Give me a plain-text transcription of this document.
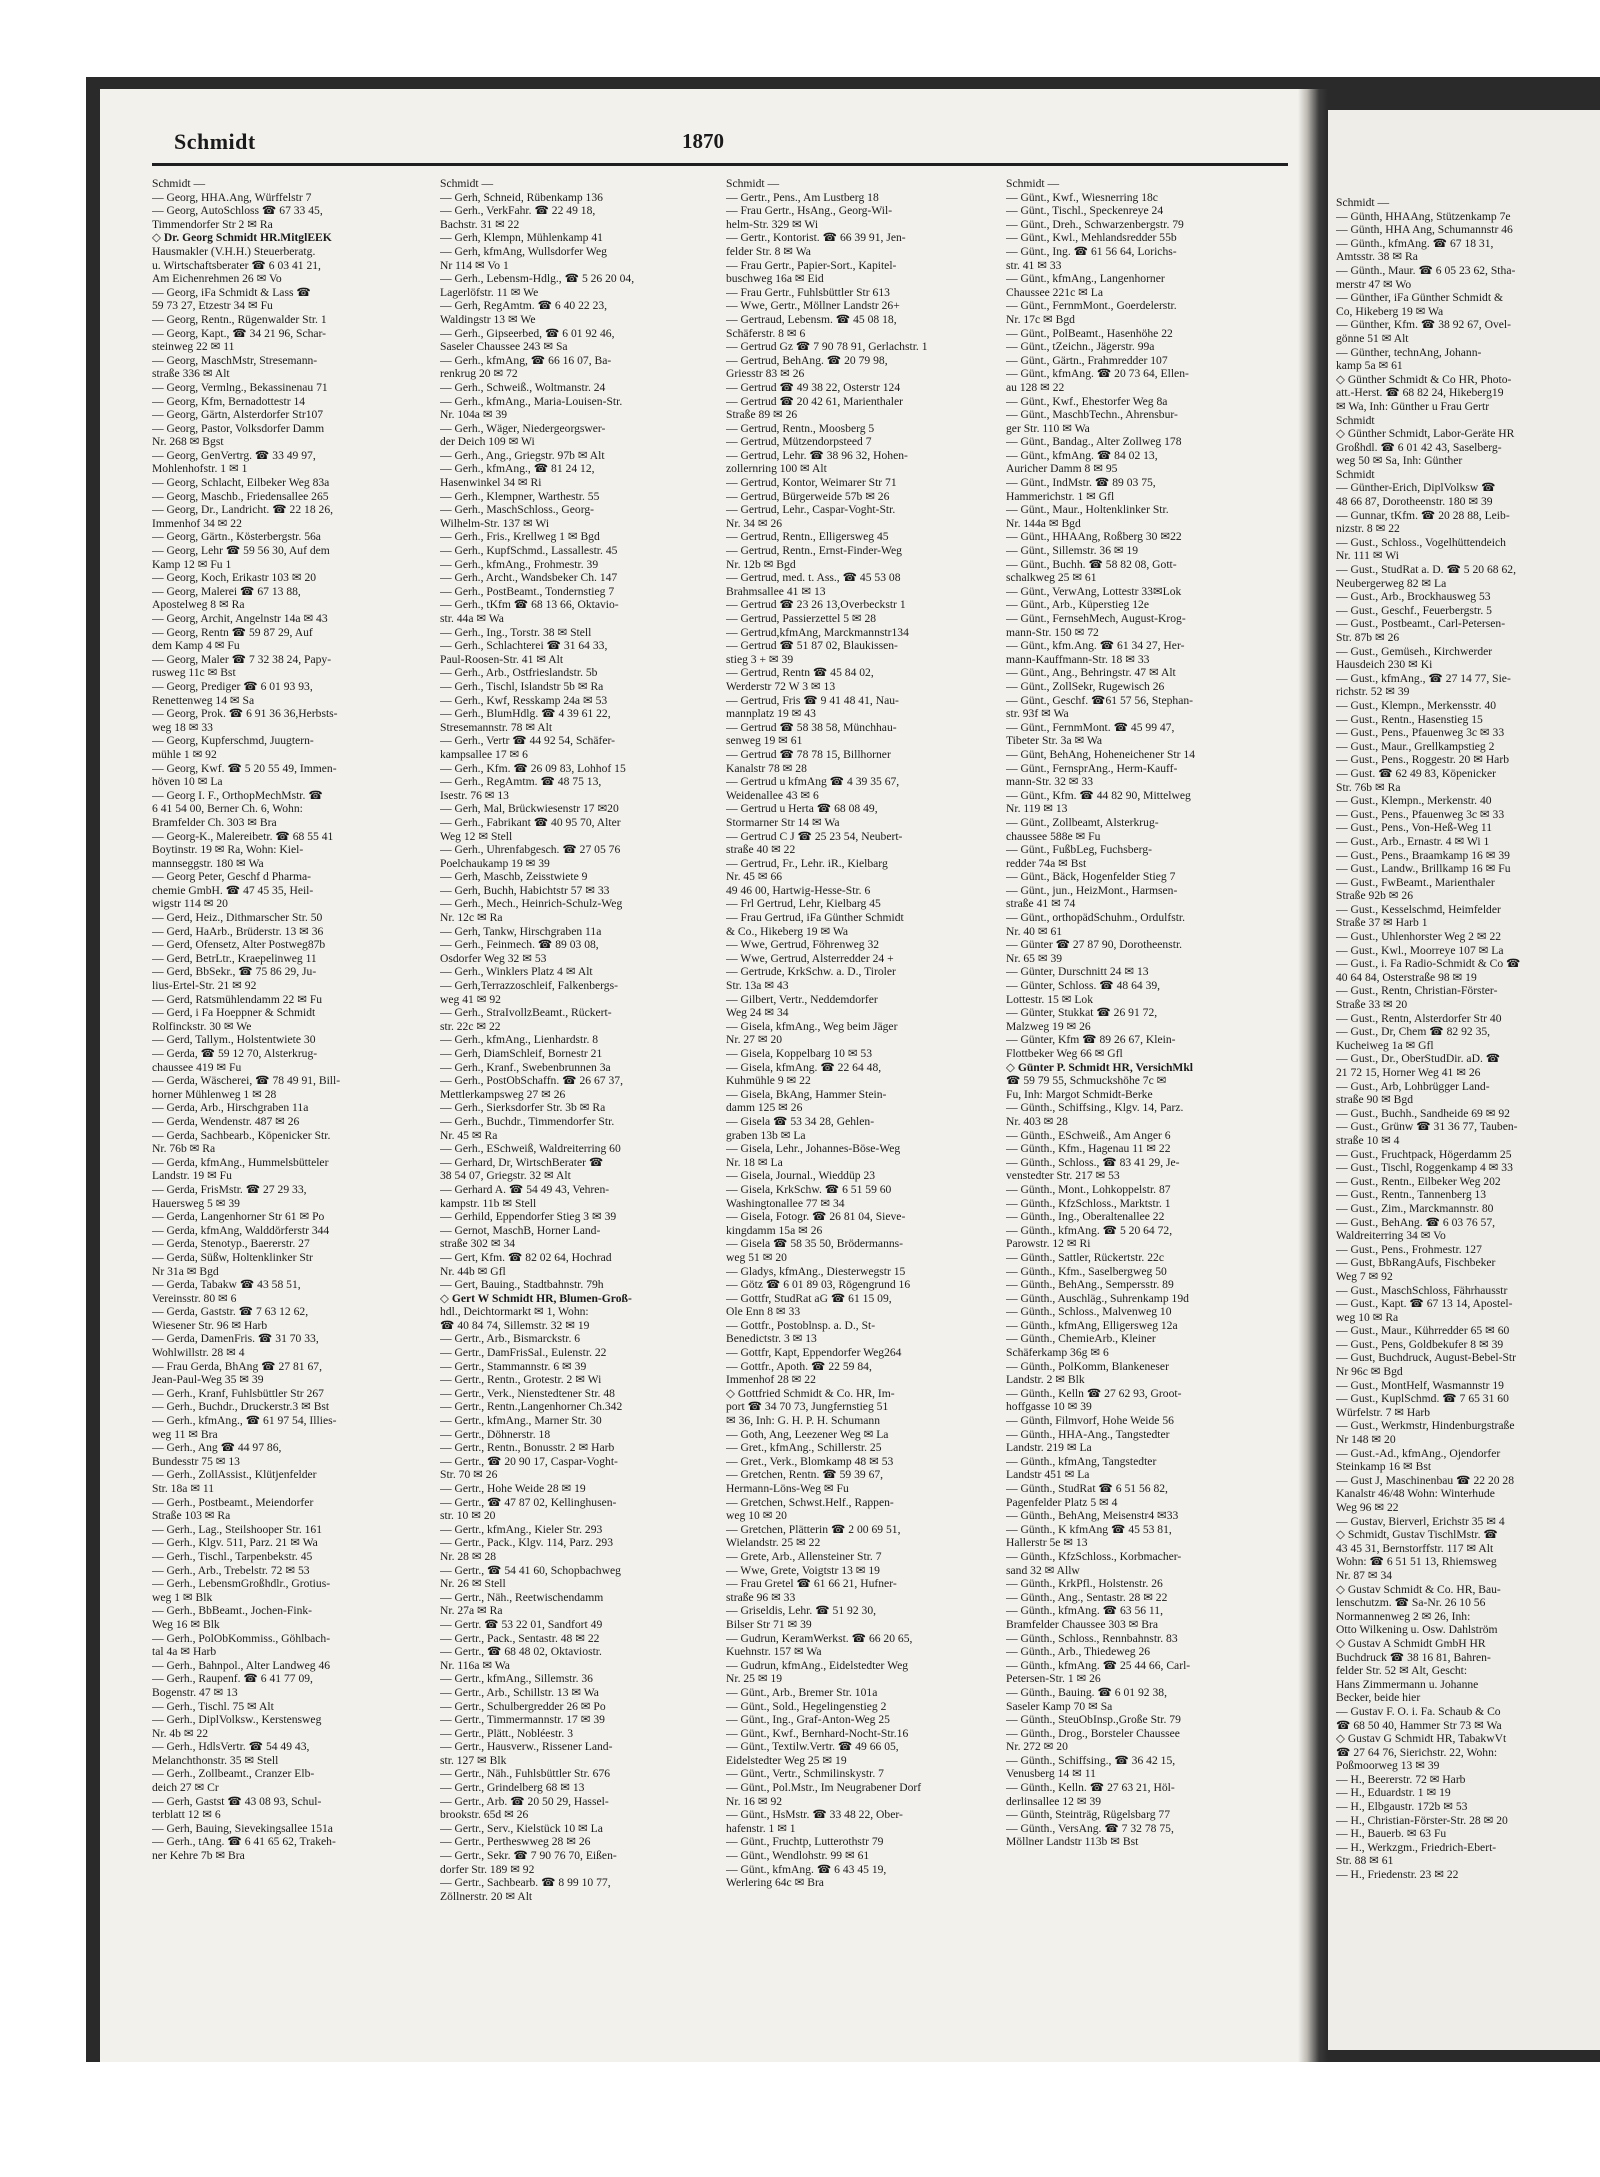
Schmidt	1870

Schmidt —

— Georg, HHA.Ang, Würffelstr 7

— Georg, AutoSchloss ☎ 67 33 45,

Timmendorfer Str 2 ✉ Ra

◇ Dr. Georg Schmidt HR.MitglEEK

Hausmakler (V.H.H.) Steuerberatg.

u. Wirtschaftsberater ☎ 6 03 41 21,

Am Eichenrehmen 26 ✉ Vo

— Georg, iFa Schmidt & Lass ☎

59 73 27, Etzestr 34 ✉ Fu

— Georg, Rentn., Rügenwalder Str. 1

— Georg, Kapt., ☎ 34 21 96, Schar-

steinweg 22 ✉ 11

— Georg, MaschMstr, Stresemann-

straße 336 ✉ Alt

— Georg, Vermlng., Bekassinenau 71

— Georg, Kfm, Bernadottestr 14

— Georg, Gärtn, Alsterdorfer Str107

— Georg, Pastor, Volksdorfer Damm

Nr. 268 ✉ Bgst

— Georg, GenVertrg. ☎ 33 49 97,

Mohlenhofstr. 1 ✉ 1

— Georg, Schlacht, Eilbeker Weg 83a

— Georg, Maschb., Friedensallee 265

— Georg, Dr., Landricht. ☎ 22 18 26,

Immenhof 34 ✉ 22

— Georg, Gärtn., Kösterbergstr. 56a

— Georg, Lehr ☎ 59 56 30, Auf dem

Kamp 12 ✉ Fu 1

— Georg, Koch, Erikastr 103 ✉ 20

— Georg, Malerei ☎ 67 13 88,

Apostelweg 8 ✉ Ra

— Georg, Archit, Angelnstr 14a ✉ 43

— Georg, Rentn ☎ 59 87 29, Auf

dem Kamp 4 ✉ Fu

— Georg, Maler ☎ 7 32 38 24, Papy-

rusweg 11c ✉ Bst

— Georg, Prediger ☎ 6 01 93 93,

Renettenweg 14 ✉ Sa

— Georg, Prok. ☎ 6 91 36 36,Herbsts-

weg 18 ✉ 33

— Georg, Kupferschmd, Juugtern-

mühle 1 ✉ 92

— Georg, Kwf. ☎ 5 20 55 49, Immen-

höven 10 ✉ La

— Georg I. F., OrthopMechMstr. ☎

6 41 54 00, Berner Ch. 6, Wohn:

Bramfelder Ch. 303 ✉ Bra

— Georg-K., Malereibetr. ☎ 68 55 41

Boytinstr. 19 ✉ Ra, Wohn: Kiel-

mannseggstr. 180 ✉ Wa

— Georg Peter, Geschf d Pharma-

chemie GmbH. ☎ 47 45 35, Heil-

wigstr 114 ✉ 20

— Gerd, Heiz., Dithmarscher Str. 50

— Gerd, HaArb., Brüderstr. 13 ✉ 36

— Gerd, Ofensetz, Alter Postweg87b

— Gerd, BetrLtr., Kraepelinweg 11

— Gerd, BbSekr., ☎ 75 86 29, Ju-

lius-Ertel-Str. 21 ✉ 92

— Gerd, Ratsmühlendamm 22 ✉ Fu

— Gerd, i Fa Hoeppner & Schmidt

Rolfinckstr. 30 ✉ We

— Gerd, Tallym., Holstentwiete 30

— Gerda, ☎ 59 12 70, Alsterkrug-

chaussee 419 ✉ Fu

— Gerda, Wäscherei, ☎ 78 49 91, Bill-

horner Mühlenweg 1 ✉ 28

— Gerda, Arb., Hirschgraben 11a

— Gerda, Wendenstr. 487 ✉ 26

— Gerda, Sachbearb., Köpenicker Str.

Nr. 76b ✉ Ra

— Gerda, kfmAng., Hummelsbütteler

Landstr. 19 ✉ Fu

— Gerda, FrisMstr. ☎ 27 29 33,

Hauersweg 5 ✉ 39

— Gerda, Langenhorner Str 61 ✉ Po

— Gerda, kfmAng, Walddörferstr 344

— Gerda, Stenotyp., Baererstr. 27

— Gerda, Süßw, Holtenklinker Str

Nr 31a ✉ Bgd

— Gerda, Tabakw ☎ 43 58 51,

Vereinsstr. 80 ✉ 6

— Gerda, Gaststr. ☎ 7 63 12 62,

Wiesener Str. 96 ✉ Harb

— Gerda, DamenFris. ☎ 31 70 33,

Wohlwillstr. 28 ✉ 4

— Frau Gerda, BhAng ☎ 27 81 67,

Jean-Paul-Weg 35 ✉ 39

— Gerh., Kranf, Fuhlsbüttler Str 267

— Gerh., Buchdr., Druckerstr.3 ✉ Bst

— Gerh., kfmAng., ☎ 61 97 54, Illies-

weg 11 ✉ Bra

— Gerh., Ang ☎ 44 97 86,

Bundesstr 75 ✉ 13

— Gerh., ZollAssist., Klütjenfelder

Str. 18a ✉ 11

— Gerh., Postbeamt., Meiendorfer

Straße 103 ✉ Ra

— Gerh., Lag., Steilshooper Str. 161

— Gerh., Klgv. 511, Parz. 21 ✉ Wa

— Gerh., Tischl., Tarpenbekstr. 45

— Gerh., Arb., Trebelstr. 72 ✉ 53

— Gerh., LebensmGroßhdlr., Grotius-

weg 1 ✉ Blk

— Gerh., BbBeamt., Jochen-Fink-

Weg 16 ✉ Blk

— Gerh., PolObKommiss., Göhlbach-

tal 4a ✉ Harb

— Gerh., Bahnpol., Alter Landweg 46

— Gerh., Raupenf. ☎ 6 41 77 09,

Bogenstr. 47 ✉ 13

— Gerh., Tischl. 75 ✉ Alt

— Gerh., DiplVolksw., Kerstensweg

Nr. 4b ✉ 22

— Gerh., HdlsVertr. ☎ 54 49 43,

Melanchthonstr. 35 ✉ Stell

— Gerh., Zollbeamt., Cranzer Elb-

deich 27 ✉ Cr

— Gerh, Gastst ☎ 43 08 93, Schul-

terblatt 12 ✉ 6

— Gerh, Bauing, Sievekingsallee 151a

— Gerh., tAng. ☎ 6 41 65 62, Trakeh-

ner Kehre 7b ✉ Bra

Schmidt —

— Gerh, Schneid, Rübenkamp 136

— Gerh., VerkFahr. ☎ 22 49 18,

Bachstr. 31 ✉ 22

— Gerh, Klempn, Mühlenkamp 41

— Gerh, kfmAng, Wullsdorfer Weg

Nr 114 ✉ Vo 1

— Gerh., Lebensm-Hdlg., ☎ 5 26 20 04,

Lagerlöfstr. 11 ✉ We

— Gerh, RegAmtm. ☎ 6 40 22 23,

Waldingstr 13 ✉ We

— Gerh., Gipseerbed, ☎ 6 01 92 46,

Saseler Chaussee 243 ✉ Sa

— Gerh., kfmAng, ☎ 66 16 07, Ba-

renkrug 20 ✉ 72

— Gerh., Schweiß., Woltmanstr. 24

— Gerh., kfmAng., Maria-Louisen-Str.

Nr. 104a ✉ 39

— Gerh., Wäger, Niedergeorgswer-

der Deich 109 ✉ Wi

— Gerh., Ang., Griegstr. 97b ✉ Alt

— Gerh., kfmAng., ☎ 81 24 12,

Hasenwinkel 34 ✉ Ri

— Gerh., Klempner, Warthestr. 55

— Gerh., MaschSchloss., Georg-

Wilhelm-Str. 137 ✉ Wi

— Gerh., Fris., Krellweg 1 ✉ Bgd

— Gerh., KupfSchmd., Lassallestr. 45

— Gerh., kfmAng., Frohmestr. 39

— Gerh., Archt., Wandsbeker Ch. 147

— Gerh., PostBeamt., Tondernstieg 7

— Gerh., tKfm ☎ 68 13 66, Oktavio-

str. 44a ✉ Wa

— Gerh., Ing., Torstr. 38 ✉ Stell

— Gerh., Schlachterei ☎ 31 64 33,

Paul-Roosen-Str. 41 ✉ Alt

— Gerh., Arb., Ostfrieslandstr. 5b

— Gerh., Tischl, Islandstr 5b ✉ Ra

— Gerh., Kwf, Resskamp 24a ✉ 53

— Gerh., BlumHdlg. ☎ 4 39 61 22,

Stresemannstr. 78 ✉ Alt

— Gerh., Vertr ☎ 44 92 54, Schäfer-

kampsallee 17 ✉ 6

— Gerh., Kfm. ☎ 26 09 83, Lohhof 15

— Gerh., RegAmtm. ☎ 48 75 13,

Isestr. 76 ✉ 13

— Gerh, Mal, Brückwiesenstr 17 ✉20

— Gerh., Fabrikant ☎ 40 95 70, Alter

Weg 12 ✉ Stell

— Gerh., Uhrenfabgesch. ☎ 27 05 76

Poelchaukamp 19 ✉ 39

— Gerh, Maschb, Zeisstwiete 9

— Gerh, Buchh, Habichtstr 57 ✉ 33

— Gerh., Mech., Heinrich-Schulz-Weg

Nr. 12c ✉ Ra

— Gerh, Tankw, Hirschgraben 11a

— Gerh., Feinmech. ☎ 89 03 08,

Osdorfer Weg 32 ✉ 53

— Gerh., Winklers Platz 4 ✉ Alt

— Gerh,Terrazzoschleif, Falkenbergs-

weg 41 ✉ 92

— Gerh., StraIvollzBeamt., Rückert-

str. 22c ✉ 22

— Gerh., kfmAng., Lienhardstr. 8

— Gerh, DiamSchleif, Bornestr 21

— Gerh., Kranf., Swebenbrunnen 3a

— Gerh., PostObSchaffn. ☎ 26 67 37,

Mettlerkampsweg 27 ✉ 26

— Gerh., Sierksdorfer Str. 3b ✉ Ra

— Gerh., Buchdr., Timmendorfer Str.

Nr. 45 ✉ Ra

— Gerh., ESchweiß, Waldreiterring 60

— Gerhard, Dr, WirtschBerater ☎

38 54 07, Griegstr. 32 ✉ Alt

— Gerhard A. ☎ 54 49 43, Vehren-

kampstr. 11b ✉ Stell

— Gerhild, Eppendorfer Stieg 3 ✉ 39

— Gernot, MaschB, Horner Land-

straße 302 ✉ 34

— Gert, Kfm. ☎ 82 02 64, Hochrad

Nr. 44b ✉ Gfl

— Gert, Bauing., Stadtbahnstr. 79h

◇ Gert W Schmidt HR, Blumen-Groß-

hdl., Deichtormarkt ✉ 1, Wohn:

☎ 40 84 74, Sillemstr. 32 ✉ 19

— Gertr., Arb., Bismarckstr. 6

— Gertr., DamFrisSal., Eulenstr. 22

— Gertr., Stammannstr. 6 ✉ 39

— Gertr., Rentn., Grotestr. 2 ✉ Wi

— Gertr., Verk., Nienstedtener Str. 48

— Gertr., Rentn.,Langenhorner Ch.342

— Gertr., kfmAng., Marner Str. 30

— Gertr., Döhnerstr. 18

— Gertr., Rentn., Bonusstr. 2 ✉ Harb

— Gertr., ☎ 20 90 17, Caspar-Voght-

Str. 70 ✉ 26

— Gertr., Hohe Weide 28 ✉ 19

— Gertr., ☎ 47 87 02, Kellinghusen-

str. 10 ✉ 20

— Gertr., kfmAng., Kieler Str. 293

— Gertr., Pack., Klgv. 114, Parz. 293

Nr. 28 ✉ 28

— Gertr., ☎ 54 41 60, Schopbachweg

Nr. 26 ✉ Stell

— Gertr., Näh., Reetwischendamm

Nr. 27a ✉ Ra

— Gertr. ☎ 53 22 01, Sandfort 49

— Gertr., Pack., Sentastr. 48 ✉ 22

— Gertr., ☎ 68 48 02, Oktaviostr.

Nr. 116a ✉ Wa

— Gertr., kfmAng., Sillemstr. 36

— Gertr., Arb., Schillstr. 13 ✉ Wa

— Gertr., Schulbergredder 26 ✉ Po

— Gertr., Timmermannstr. 17 ✉ 39

— Gertr., Plätt., Nobléestr. 3

— Gertr., Hausverw., Rissener Land-

str. 127 ✉ Blk

— Gertr., Näh., Fuhlsbüttler Str. 676

— Gertr., Grindelberg 68 ✉ 13

— Gertr., Arb. ☎ 20 50 29, Hassel-

brookstr. 65d ✉ 26

— Gertr., Serv., Kielstück 10 ✉ La

— Gertr., Pertheswweg 28 ✉ 26

— Gertr., Sekr. ☎ 7 90 76 70, Eißen-

dorfer Str. 189 ✉ 92

— Gertr., Sachbearb. ☎ 8 99 10 77,

Zöllnerstr. 20 ✉ Alt

Schmidt —

— Gertr., Pens., Am Lustberg 18

— Frau Gertr., HsAng., Georg-Wil-

helm-Str. 329 ✉ Wi

— Gertr., Kontorist. ☎ 66 39 91, Jen-

felder Str. 8 ✉ Wa

— Frau Gertr., Papier-Sort., Kapitel-

buschweg 16a ✉ Eid

— Frau Gertr., Fuhlsbüttler Str 613

— Wwe, Gertr., Möllner Landstr 26+

— Gertraud, Lebensm. ☎ 45 08 18,

Schäferstr. 8 ✉ 6

— Gertrud Gz ☎ 7 90 78 91, Gerlachstr. 1

— Gertrud, BehAng. ☎ 20 79 98,

Griesstr 83 ✉ 26

— Gertrud ☎ 49 38 22, Osterstr 124

— Gertrud ☎ 20 42 61, Marienthaler

Straße 89 ✉ 26

— Gertrud, Rentn., Moosberg 5

— Gertrud, Mützendorpsteed 7

— Gertrud, Lehr. ☎ 38 96 32, Hohen-

zollernring 100 ✉ Alt

— Gertrud, Kontor, Weimarer Str 71

— Gertrud, Bürgerweide 57b ✉ 26

— Gertrud, Lehr., Caspar-Voght-Str.

Nr. 34 ✉ 26

— Gertrud, Rentn., Elligersweg 45

— Gertrud, Rentn., Ernst-Finder-Weg

Nr. 12b ✉ Bgd

— Gertrud, med. t. Ass., ☎ 45 53 08

Brahmsallee 41 ✉ 13

— Gertrud ☎ 23 26 13,Overbeckstr 1

— Gertrud, Passierzettel 5 ✉ 28

— Gertrud,kfmAng, Marckmannstr134

— Gertrud ☎ 51 87 02, Blaukissen-

stieg 3 + ✉ 39

— Gertrud, Rentn ☎ 45 84 02,

Werderstr 72 W 3 ✉ 13

— Gertrud, Fris ☎ 9 41 48 41, Nau-

mannplatz 19 ✉ 43

— Gertrud ☎ 58 38 58, Münchhau-

senweg 19 ✉ 61

— Gertrud ☎ 78 78 15, Billhorner

Kanalstr 78 ✉ 28

— Gertrud u kfmAng ☎ 4 39 35 67,

Weidenallee 43 ✉ 6

— Gertrud u Herta ☎ 68 08 49,

Stormarner Str 14 ✉ Wa

— Gertrud C J ☎ 25 23 54, Neubert-

straße 40 ✉ 22

— Gertrud, Fr., Lehr. iR., Kielbarg

Nr. 45 ✉ 66

49 46 00, Hartwig-Hesse-Str. 6

— Frl Gertrud, Lehr, Kielbarg 45

— Frau Gertrud, iFa Günther Schmidt

& Co., Hikeberg 19 ✉ Wa

— Wwe, Gertrud, Föhrenweg 32

— Wwe, Gertrud, Alsterredder 24 +

— Gertrude, KrkSchw. a. D., Tiroler

Str. 13a ✉ 43

— Gilbert, Vertr., Neddemdorfer

Weg 24 ✉ 34

— Gisela, kfmAng., Weg beim Jäger

Nr. 27 ✉ 20

— Gisela, Koppelbarg 10 ✉ 53

— Gisela, kfmAng. ☎ 22 64 48,

Kuhmühle 9 ✉ 22

— Gisela, BkAng, Hammer Stein-

damm 125 ✉ 26

— Gisela ☎ 53 34 28, Gehlen-

graben 13b ✉ La

— Gisela, Lehr., Johannes-Böse-Weg

Nr. 18 ✉ La

— Gisela, Journal., Wieddüp 23

— Gisela, KrkSchw. ☎ 6 51 59 60

Washingtonallee 77 ✉ 34

— Gisela, Fotogr. ☎ 26 81 04, Sieve-

kingdamm 15a ✉ 26

— Gisela ☎ 58 35 50, Brödermanns-

weg 51 ✉ 20

— Gladys, kfmAng., Diesterwegstr 15

— Götz ☎ 6 01 89 03, Rögengrund 16

— Gottfr, StudRat aG ☎ 61 15 09,

Ole Enn 8 ✉ 33

— Gottfr., Postoblnsp. a. D., St-

Benedictstr. 3 ✉ 13

— Gottfr, Kapt, Eppendorfer Weg264

— Gottfr., Apoth. ☎ 22 59 84,

Immenhof 28 ✉ 22

◇ Gottfried Schmidt & Co. HR, Im-

port ☎ 34 70 73, Jungfernstieg 51

✉ 36, Inh: G. H. P. H. Schumann

— Goth, Ang, Leezener Weg ✉ La

— Gret., kfmAng., Schillerstr. 25

— Gret., Verk., Blomkamp 48 ✉ 53

— Gretchen, Rentn. ☎ 59 39 67,

Hermann-Löns-Weg ✉ Fu

— Gretchen, Schwst.Helf., Rappen-

weg 10 ✉ 20

— Gretchen, Plätterin ☎ 2 00 69 51,

Wielandstr. 25 ✉ 22

— Grete, Arb., Allensteiner Str. 7

— Wwe, Grete, Voigtstr 13 ✉ 19

— Frau Gretel ☎ 61 66 21, Hufner-

straße 96 ✉ 33

— Griseldis, Lehr. ☎ 51 92 30,

Bilser Str 71 ✉ 39

— Gudrun, KeramWerkst. ☎ 66 20 65,

Kuehnstr. 157 ✉ Wa

— Gudrun, kfmAng., Eidelstedter Weg

Nr. 25 ✉ 19

— Günt., Arb., Bremer Str. 101a

— Günt., Sold., Hegelingenstieg 2

— Günt., Ing., Graf-Anton-Weg 25

— Günt., Kwf., Bernhard-Nocht-Str.16

— Günt., Textilw.Vertr. ☎ 49 66 05,

Eidelstedter Weg 25 ✉ 19

— Günt., Vertr., Schmilinskystr. 7

— Günt., Pol.Mstr., Im Neugrabener Dorf

Nr. 16 ✉ 92

— Günt., HsMstr. ☎ 33 48 22, Ober-

hafenstr. 1 ✉ 1

— Günt., Fruchtp, Lutterothstr 79

— Günt., Wendlohstr. 99 ✉ 61

— Günt., kfmAng. ☎ 6 43 45 19,

Werlering 64c ✉ Bra

Schmidt —

— Günt., Kwf., Wiesnerring 18c

— Günt., Tischl., Speckenreye 24

— Günt., Dreh., Schwarzenbergstr. 79

— Günt., Kwl., Mehlandsredder 55b

— Günt., Ing. ☎ 61 56 64, Lorichs-

str. 41 ✉ 33

— Günt., kfmAng., Langenhorner

Chaussee 221c ✉ La

— Günt., FernmMont., Goerdelerstr.

Nr. 17c ✉ Bgd

— Günt., PolBeamt., Hasenhöhe 22

— Günt., tZeichn., Jägerstr. 99a

— Günt., Gärtn., Frahmredder 107

— Günt., kfmAng. ☎ 20 73 64, Ellen-

au 128 ✉ 22

— Günt., Kwf., Ehestorfer Weg 8a

— Günt., MaschbTechn., Ahrensbur-

ger Str. 110 ✉ Wa

— Günt., Bandag., Alter Zollweg 178

— Günt., kfmAng. ☎ 84 02 13,

Auricher Damm 8 ✉ 95

— Günt., IndMstr. ☎ 89 03 75,

Hammerichstr. 1 ✉ Gfl

— Günt., Maur., Holtenklinker Str.

Nr. 144a ✉ Bgd

— Günt., HHAAng, Roßberg 30 ✉22

— Günt., Sillemstr. 36 ✉ 19

— Günt., Buchh. ☎ 58 82 08, Gott-

schalkweg 25 ✉ 61

— Günt., VerwAng, Lottestr 33✉Lok

— Günt., Arb., Küperstieg 12e

— Günt., FernsehMech, August-Krog-

mann-Str. 150 ✉ 72

— Günt., kfm.Ang. ☎ 61 34 27, Her-

mann-Kauffmann-Str. 18 ✉ 33

— Günt., Ang., Behringstr. 47 ✉ Alt

— Günt., ZollSekr, Rugewisch 26

— Günt., Geschf. ☎61 57 56, Stephan-

str. 93f ✉ Wa

— Günt., FernmMont. ☎ 45 99 47,

Tibeter Str. 3a ✉ Wa

— Günt, BehAng, Hoheneichener Str 14

— Günt., FernsprAng., Herm-Kauff-

mann-Str. 32 ✉ 33

— Günt., Kfm. ☎ 44 82 90, Mittelweg

Nr. 119 ✉ 13

— Günt., Zollbeamt, Alsterkrug-

chaussee 588e ✉ Fu

— Günt., FußbLeg, Fuchsberg-

redder 74a ✉ Bst

— Günt., Bäck, Hogenfelder Stieg 7

— Günt., jun., HeizMont., Harmsen-

straße 41 ✉ 74

— Günt., orthopädSchuhm., Ordulfstr.

Nr. 40 ✉ 61

— Günter ☎ 27 87 90, Dorotheenstr.

Nr. 65 ✉ 39

— Günter, Durschnitt 24 ✉ 13

— Günter, Schloss. ☎ 48 64 39,

Lottestr. 15 ✉ Lok

— Günter, Stukkat ☎ 26 91 72,

Malzweg 19 ✉ 26

— Günter, Kfm ☎ 89 26 67, Klein-

Flottbeker Weg 66 ✉ Gfl

◇ Günter P. Schmidt HR, VersichMkl

☎ 59 79 55, Schmuckshöhe 7c ✉

Fu, Inh: Margot Schmidt-Berke

— Günth., Schiffsing., Klgv. 14, Parz.

Nr. 403 ✉ 28

— Günth., ESchweiß., Am Anger 6

— Günth., Kfm., Hagenau 11 ✉ 22

— Günth., Schloss., ☎ 83 41 29, Je-

venstedter Str. 217 ✉ 53

— Günth., Mont., Lohkoppelstr. 87

— Günth., KfzSchloss., Marktstr. 1

— Günth., Ing., Oberaltenallee 22

— Günth., kfmAng. ☎ 5 20 64 72,

Parowstr. 12 ✉ Ri

— Günth., Sattler, Rückertstr. 22c

— Günth., Kfm., Saselbergweg 50

— Günth., BehAng., Sempersstr. 89

— Günth., Auschläg., Suhrenkamp 19d

— Günth., Schloss., Malvenweg 10

— Günth., kfmAng, Elligersweg 12a

— Günth., ChemieArb., Kleiner

Schäferkamp 36g ✉ 6

— Günth., PolKomm, Blankeneser

Landstr. 2 ✉ Blk

— Günth., Kelln ☎ 27 62 93, Groot-

hoffgasse 10 ✉ 39

— Günth, Filmvorf, Hohe Weide 56

— Günth., HHA-Ang., Tangstedter

Landstr. 219 ✉ La

— Günth., kfmAng, Tangstedter

Landstr 451 ✉ La

— Günth., StudRat ☎ 6 51 56 82,

Pagenfelder Platz 5 ✉ 4

— Günth., BehAng, Meisenstr4 ✉33

— Günth., K kfmAng ☎ 45 53 81,

Hallerstr 5e ✉ 13

— Günth., KfzSchloss., Korbmacher-

sand 32 ✉ Allw

— Günth., KrkPfl., Holstenstr. 26

— Günth., Ang., Sentastr. 28 ✉ 22

— Günth., kfmAng. ☎ 63 56 11,

Bramfelder Chaussee 303 ✉ Bra

— Günth., Schloss., Rennbahnstr. 83

— Günth., Arb., Thiedeweg 26

— Günth., kfmAng. ☎ 25 44 66, Carl-

Petersen-Str. 1 ✉ 26

— Günth., Bauing. ☎ 6 01 92 38,

Saseler Kamp 70 ✉ Sa

— Günth., SteuObInsp.,Große Str. 79

— Günth., Drog., Borsteler Chaussee

Nr. 272 ✉ 20

— Günth., Schiffsing., ☎ 36 42 15,

Venusberg 14 ✉ 11

— Günth., Kelln. ☎ 27 63 21, Höl-

derlinsallee 12 ✉ 39

— Günth, Steinträg, Rügelsbarg 77

— Günth., VersAng. ☎ 7 32 78 75,

Möllner Landstr 113b ✉ Bst

Schmidt —

— Günth, HHAAng, Stützenkamp 7e

— Günth, HHA Ang, Schumannstr 46

— Günth., kfmAng. ☎ 67 18 31,

Amtsstr. 38 ✉ Ra

— Günth., Maur. ☎ 6 05 23 62, Stha-

merstr 47 ✉ Wo

— Günther, iFa Günther Schmidt &

Co, Hikeberg 19 ✉ Wa

— Günther, Kfm. ☎ 38 92 67, Ovel-

gönne 51 ✉ Alt

— Günther, technAng, Johann-

kamp 5a ✉ 61

◇ Günther Schmidt & Co HR, Photo-

att.-Herst. ☎ 68 82 24, Hikeberg19

✉ Wa, Inh: Günther u Frau Gertr

Schmidt

◇ Günther Schmidt, Labor-Geräte HR

Großhdl. ☎ 6 01 42 43, Saselberg-

weg 50 ✉ Sa, Inh: Günther

Schmidt

— Günther-Erich, DiplVolksw ☎

48 66 87, Dorotheenstr. 180 ✉ 39

— Gunnar, tKfm. ☎ 20 28 88, Leib-

nizstr. 8 ✉ 22

— Gust., Schloss., Vogelhüttendeich

Nr. 111 ✉ Wi

— Gust., StudRat a. D. ☎ 5 20 68 62,

Neubergerweg 82 ✉ La

— Gust., Arb., Brockhausweg 53

— Gust., Geschf., Feuerbergstr. 5

— Gust., Postbeamt., Carl-Petersen-

Str. 87b ✉ 26

— Gust., Gemüseh., Kirchwerder

Hausdeich 230 ✉ Ki

— Gust., kfmAng., ☎ 27 14 77, Sie-

richstr. 52 ✉ 39

— Gust., Klempn., Merkensstr. 40

— Gust., Rentn., Hasenstieg 15

— Gust., Pens., Pfauenweg 3c ✉ 33

— Gust., Maur., Grellkampstieg 2

— Gust., Pens., Roggestr. 20 ✉ Harb

— Gust. ☎ 62 49 83, Köpenicker

Str. 76b ✉ Ra

— Gust., Klempn., Merkenstr. 40

— Gust., Pens., Pfauenweg 3c ✉ 33

— Gust., Pens., Von-Heß-Weg 11

— Gust., Arb., Ernastr. 4 ✉ Wi 1

— Gust., Pens., Braamkamp 16 ✉ 39

— Gust., Landw., Brillkamp 16 ✉ Fu

— Gust., FwBeamt., Marienthaler

Straße 92b ✉ 26

— Gust., Kesselschmd, Heimfelder

Straße 37 ✉ Harb 1

— Gust., Uhlenhorster Weg 2 ✉ 22

— Gust., Kwl., Moorreye 107 ✉ La

— Gust., i. Fa Radio-Schmidt & Co ☎

40 64 84, Osterstraße 98 ✉ 19

— Gust., Rentn, Christian-Förster-

Straße 33 ✉ 20

— Gust., Rentn, Alsterdorfer Str 40

— Gust., Dr, Chem ☎ 82 92 35,

Kucheiweg 1a ✉ Gfl

— Gust., Dr., OberStudDir. aD. ☎

21 72 15, Horner Weg 41 ✉ 26

— Gust., Arb, Lohbrügger Land-

straße 90 ✉ Bgd

— Gust., Buchh., Sandheide 69 ✉ 92

— Gust., Grünw ☎ 31 36 77, Tauben-

straße 10 ✉ 4

— Gust., Fruchtpack, Högerdamm 25

— Gust., Tischl, Roggenkamp 4 ✉ 33

— Gust., Rentn., Eilbeker Weg 202

— Gust., Rentn., Tannenberg 13

— Gust., Zim., Marckmannstr. 80

— Gust., BehAng. ☎ 6 03 76 57,

Waldreiterring 34 ✉ Vo

— Gust., Pens., Frohmestr. 127

— Gust, BbRangAufs, Fischbeker

Weg 7 ✉ 92

— Gust., MaschSchloss, Fährhausstr

— Gust., Kapt. ☎ 67 13 14, Apostel-

weg 10 ✉ Ra

— Gust., Maur., Kührredder 65 ✉ 60

— Gust., Pens, Goldbekufer 8 ✉ 39

— Gust, Buchdruck, August-Bebel-Str

Nr 96c ✉ Bgd

— Gust., MontHelf, Wasmannstr 19

— Gust., KuplSchmd. ☎ 7 65 31 60

Würfelstr. 7 ✉ Harb

— Gust., Werkmstr, Hindenburgstraße

Nr 148 ✉ 20

— Gust.-Ad., kfmAng., Ojendorfer

Steinkamp 16 ✉ Bst

— Gust J, Maschinenbau ☎ 22 20 28

Kanalstr 46/48 Wohn: Winterhude

Weg 96 ✉ 22

— Gustav, Bierverl, Erichstr 35 ✉ 4

◇ Schmidt, Gustav TischlMstr. ☎

43 45 31, Bernstorffstr. 117 ✉ Alt

Wohn: ☎ 6 51 51 13, Rhiemsweg

Nr. 87 ✉ 34

◇ Gustav Schmidt & Co. HR, Bau-

lenschutzm. ☎ Sa-Nr. 26 10 56

Normannenweg 2 ✉ 26, Inh:

Otto Wilkening u. Osw. Dahlström

◇ Gustav A Schmidt GmbH HR

Buchdruck ☎ 38 16 81, Bahren-

felder Str. 52 ✉ Alt, Gescht:

Hans Zimmermann u. Johanne

Becker, beide hier

— Gustav F. O. i. Fa. Schaub & Co

☎ 68 50 40, Hammer Str 73 ✉ Wa

◇ Gustav G Schmidt HR, TabakwVt

☎ 27 64 76, Sierichstr. 22, Wohn:

Poßmoorweg 13 ✉ 39

— H., Beererstr. 72 ✉ Harb

— H., Eduardstr. 1 ✉ 19

— H., Elbgaustr. 172b ✉ 53

— H., Christian-Förster-Str. 28 ✉ 20

— H., Bauerb. ✉ 63 Fu

— H., Werkzgm., Friedrich-Ebert-

Str. 88 ✉ 61

— H., Friedenstr. 23 ✉ 22
